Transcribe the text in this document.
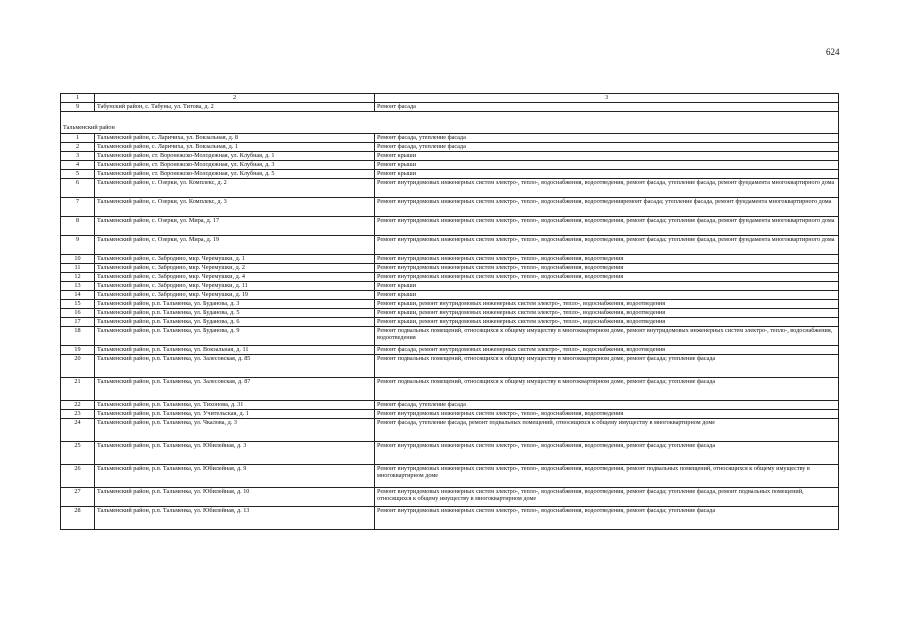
624
1	2	3
9	Табунский район, с. Табуны, ул. Титова, д. 2	Ремонт фасада
Тальменский район		
1	Тальменский район, с. Ларичиха, ул. Вокзальная, д. 8	Ремонт фасада, утепление фасада
2	Тальменский район, с. Ларичиха, ул. Вокзальная, д. 1	Ремонт фасада, утепление фасада
3	Тальменский район, ст. Воронежско-Молодежная, ул. Клубная, д. 1	Ремонт крыши
4	Тальменский район, ст. Воронежско-Молодежная, ул. Клубная, д. 3	Ремонт крыши
5	Тальменский район, ст. Воронежско-Молодежная, ул. Клубная, д. 5	Ремонт крыши
6	Тальменский район, с. Озерки, ул. Комплекс, д. 2	Ремонт внутридомовых инженерных систем электро-, тепло-, водоснабжения, водоотведения, ремонт фасада, утепление фасада, ремонт фундамента многоквартирного дома
7	Тальменский район, с. Озерки, ул. Комплекс, д. 3	Ремонт внутридомовых инженерных систем электро-, тепло-, водоснабжения, водоотведенияремонт фасада; утепление фасада, ремонт фундамента многоквартирного дома
8	Тальменский район, с. Озерки, ул. Мира, д. 17	Ремонт внутридомовых инженерных систем электро-, тепло-, водоснабжения, водоотведения, ремонт фасада; утепление фасада, ремонт фундамента многоквартирного дома
9	Тальменский район, с. Озерки, ул. Мира, д. 19	Ремонт внутридомовых инженерных систем электро-, тепло-, водоснабжения, водоотведения, ремонт фасада; утепление фасада, ремонт фундамента многоквартирного дома
10	Тальменский район, с. Забродино, мкр. Черемушки, д. 1	Ремонт внутридомовых инженерных систем электро-, тепло-, водоснабжения, водоотведения
11	Тальменский район, с. Забродино, мкр. Черемушки, д. 2	Ремонт внутридомовых инженерных систем электро-, тепло-, водоснабжения, водоотведения
12	Тальменский район, с. Забродино, мкр. Черемушки, д. 4	Ремонт внутридомовых инженерных систем электро-, тепло-, водоснабжения, водоотведения
13	Тальменский район, с. Забродино, мкр. Черемушки, д. 11	Ремонт крыши
14	Тальменский район, с. Забродино, мкр. Черемушки, д. 19	Ремонт крыши
15	Тальменский район, р.п. Тальменка, ул. Буданова, д. 3	Ремонт крыши, ремонт внутридомовых инженерных систем электро-, тепло-, водоснабжения, водоотведения
16	Тальменский район, р.п. Тальменка, ул. Буданова, д. 5	Ремонт крыши, ремонт внутридомовых инженерных систем электро-, тепло-, водоснабжения, водоотведения
17	Тальменский район, р.п. Тальменка, ул. Буданова, д. 6	Ремонт крыши, ремонт внутридомовых инженерных систем электро-, тепло-, водоснабжения, водоотведения
18	Тальменский район, р.п. Тальменка, ул. Буданова, д. 9	Ремонт подвальных помещений, относящихся к общему имуществу в многоквартирном доме, ремонт внутридомовых инженерных систем электро-, тепло-, водоснабжения, водоотведения
19	Тальменский район, р.п. Тальменка, ул. Вокзальная, д. 11	Ремонт фасада, ремонт внутридомовых инженерных систем электро-, тепло-, водоснабжения, водоотведения
20	Тальменский район, р.п. Тальменка, ул. Залесовская, д. 85	Ремонт подвальных помещений, относящихся к общему имуществу в многоквартирном доме, ремонт фасада; утепление фасада
21	Тальменский район, р.п. Тальменка, ул. Залесовская, д. 87	Ремонт подвальных помещений, относящихся к общему имуществу в многоквартирном доме, ремонт фасада; утепление фасада
22	Тальменский район, р.п. Тальменка, ул. Тихонова, д. 31	Ремонт фасада, утепление фасада
23	Тальменский район, р.п. Тальменка, ул. Учительская, д. 1	Ремонт внутридомовых инженерных систем электро-, тепло-, водоснабжения, водоотведения
24	Тальменский район, р.п. Тальменка, ул. Чкалова, д. 3	Ремонт фасада, утепление фасада, ремонт подвальных помещений, относящихся к общему имуществу в многоквартирном доме
25	Тальменский район, р.п. Тальменка, ул. Юбилейная, д. 3	Ремонт внутридомовых инженерных систем электро-, тепло-, водоснабжения, водоотведения, ремонт фасада; утепление фасада
26	Тальменский район, р.п. Тальменка, ул. Юбилейная, д. 9	Ремонт внутридомовых инженерных систем электро-, тепло-, водоснабжения, водоотведения, ремонт подвальных помещений, относящихся к общему имуществу в многоквартирном доме
27	Тальменский район, р.п. Тальменка, ул. Юбилейная, д. 10	Ремонт внутридомовых инженерных систем электро-, тепло-, водоснабжения, водоотведения, ремонт фасада; утепление фасада, ремонт подвальных помещений, относящихся к общему имуществу в многоквартирном доме
28	Тальменский район, р.п. Тальменка, ул. Юбилейная, д. 13	Ремонт внутридомовых инженерных систем электро-, тепло-, водоснабжения, водоотведения, ремонт фасада; утепление фасада
